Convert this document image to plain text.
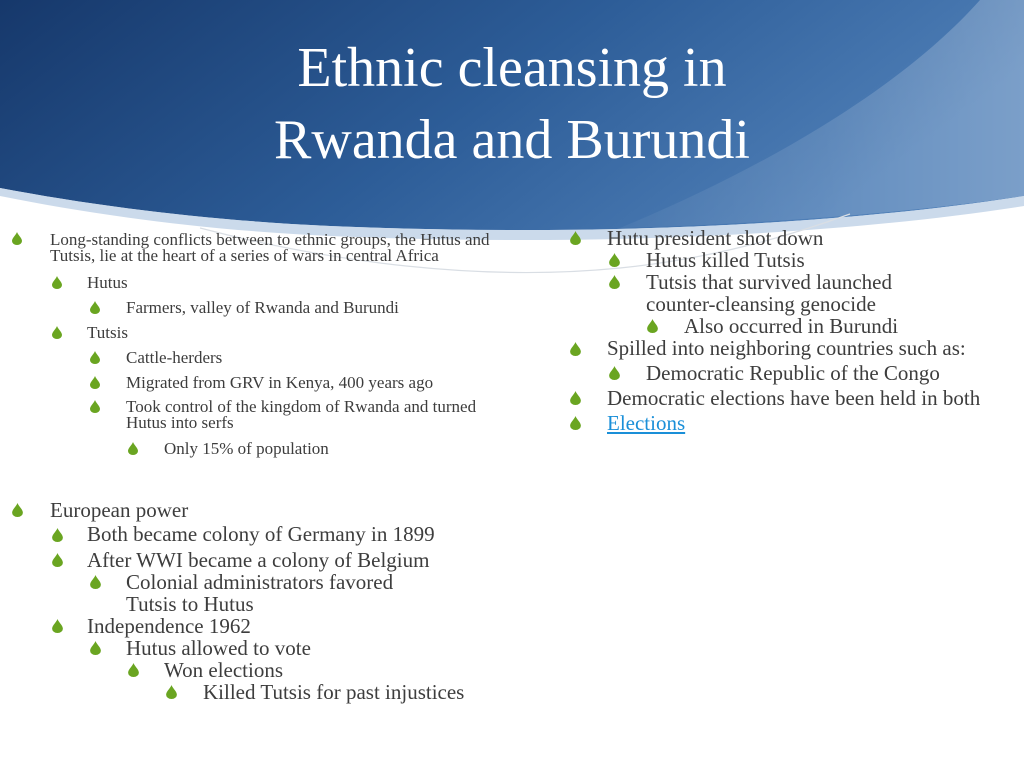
Ethnic cleansing in
Rwanda and Burundi
Long-standing conflicts between to ethnic groups, the Hutus and Tutsis, lie at the heart of a series of wars in central Africa
Hutus
Farmers, valley of Rwanda and Burundi
Tutsis
Cattle-herders
Migrated from GRV in Kenya, 400 years ago
Took control of the kingdom of Rwanda and turned Hutus into serfs
Only 15% of population
European power
Both became colony of Germany in 1899
After WWI became a colony of Belgium
Colonial administrators favored Tutsis to Hutus
Independence 1962
Hutus allowed to vote
Won elections
Killed Tutsis for past injustices
Hutu president shot down
Hutus killed Tutsis
Tutsis that survived launched counter-cleansing genocide
Also occurred in Burundi
Spilled into neighboring countries such as:
Democratic Republic of the Congo
Democratic elections have been held in both
Elections
